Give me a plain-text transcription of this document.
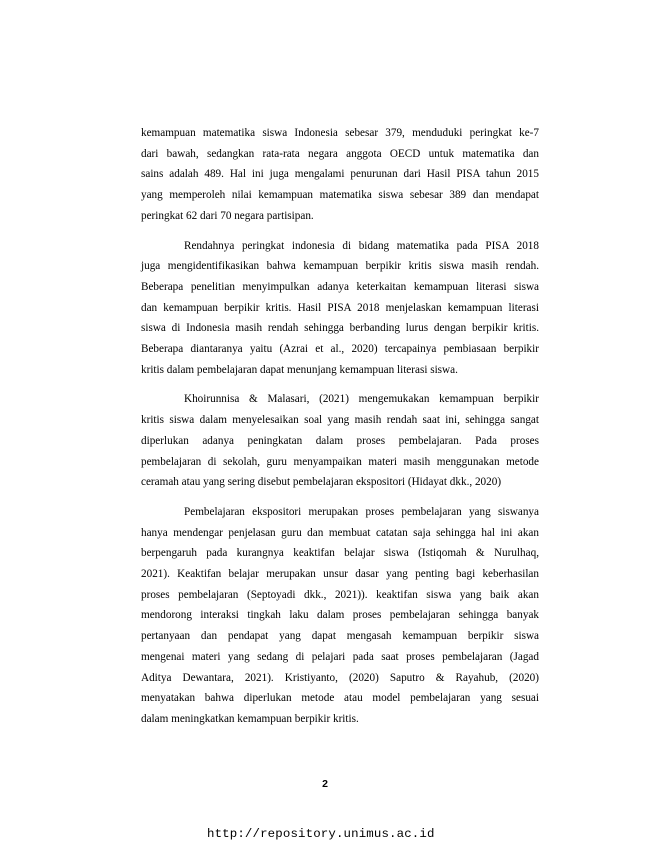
kemampuan matematika siswa Indonesia sebesar 379, menduduki peringkat ke-7
dari bawah, sedangkan rata-rata negara anggota OECD untuk matematika dan
sains adalah 489. Hal ini juga mengalami penurunan dari Hasil PISA tahun 2015
yang memperoleh nilai kemampuan matematika siswa sebesar 389 dan mendapat
peringkat 62 dari 70 negara partisipan.

Rendahnya peringkat indonesia di bidang matematika pada PISA 2018
juga mengidentifikasikan bahwa kemampuan berpikir kritis siswa masih rendah.
Beberapa penelitian menyimpulkan adanya keterkaitan kemampuan literasi siswa
dan kemampuan berpikir kritis. Hasil PISA 2018 menjelaskan kemampuan literasi
siswa di Indonesia masih rendah sehingga berbanding lurus dengan berpikir kritis.
Beberapa diantaranya yaitu (Azrai et al., 2020) tercapainya pembiasaan berpikir
kritis dalam pembelajaran dapat menunjang kemampuan literasi siswa.

Khoirunnisa & Malasari, (2021) mengemukakan kemampuan berpikir
kritis siswa dalam menyelesaikan soal yang masih rendah saat ini, sehingga sangat
diperlukan adanya peningkatan dalam proses pembelajaran. Pada proses
pembelajaran di sekolah, guru menyampaikan materi masih menggunakan metode
ceramah atau yang sering disebut pembelajaran ekspositori (Hidayat dkk., 2020)

Pembelajaran ekspositori merupakan proses pembelajaran yang siswanya
hanya mendengar penjelasan guru dan membuat catatan saja sehingga hal ini akan
berpengaruh pada kurangnya keaktifan belajar siswa (Istiqomah & Nurulhaq,
2021). Keaktifan belajar merupakan unsur dasar yang penting bagi keberhasilan
proses pembelajaran (Septoyadi dkk., 2021)). keaktifan siswa yang baik akan
mendorong interaksi tingkah laku dalam proses pembelajaran sehingga banyak
pertanyaan dan pendapat yang dapat mengasah kemampuan berpikir siswa
mengenai materi yang sedang di pelajari pada saat proses pembelajaran (Jagad
Aditya Dewantara, 2021). Kristiyanto, (2020) Saputro & Rayahub, (2020)
menyatakan bahwa diperlukan metode atau model pembelajaran yang sesuai
dalam meningkatkan kemampuan berpikir kritis.

2
http://repository.unimus.ac.id
